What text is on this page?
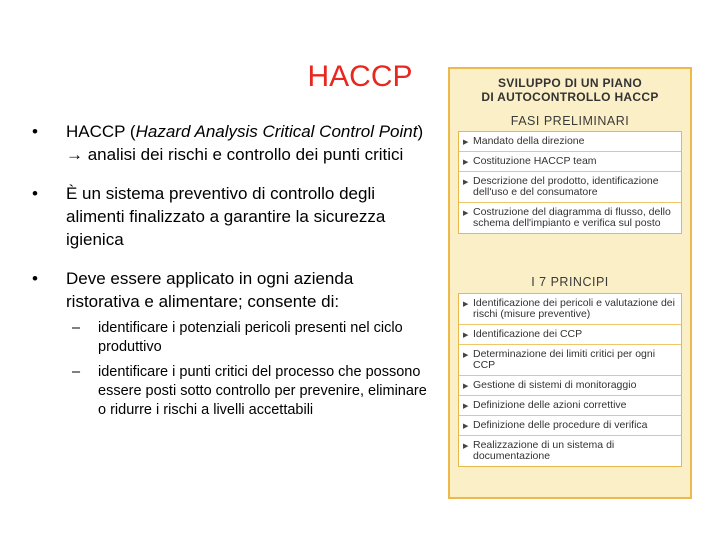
HACCP
• HACCP (Hazard Analysis Critical Control Point) → analisi dei rischi e controllo dei punti critici
• È un sistema preventivo di controllo degli alimenti finalizzato a garantire la sicurezza igienica
• Deve essere applicato in ogni azienda ristorativa e alimentare; consente di:
– identificare i potenziali pericoli presenti nel ciclo produttivo
– identificare i punti critici del processo che possono essere posti sotto controllo per prevenire, eliminare o ridurre i rischi a livelli accettabili
SVILUPPO DI UN PIANO
DI AUTOCONTROLLO HACCP
FASI PRELIMINARI
▶ Mandato della direzione
▶ Costituzione HACCP team
▶ Descrizione del prodotto, identificazione dell'uso e del consumatore
▶ Costruzione del diagramma di flusso, dello schema dell'impianto e verifica sul posto
I 7 PRINCIPI
▶ Identificazione dei pericoli e valutazione dei rischi (misure preventive)
▶ Identificazione dei CCP
▶ Determinazione dei limiti critici per ogni CCP
▶ Gestione di sistemi di monitoraggio
▶ Definizione delle azioni correttive
▶ Definizione delle procedure di verifica
▶ Realizzazione di un sistema di documentazione
